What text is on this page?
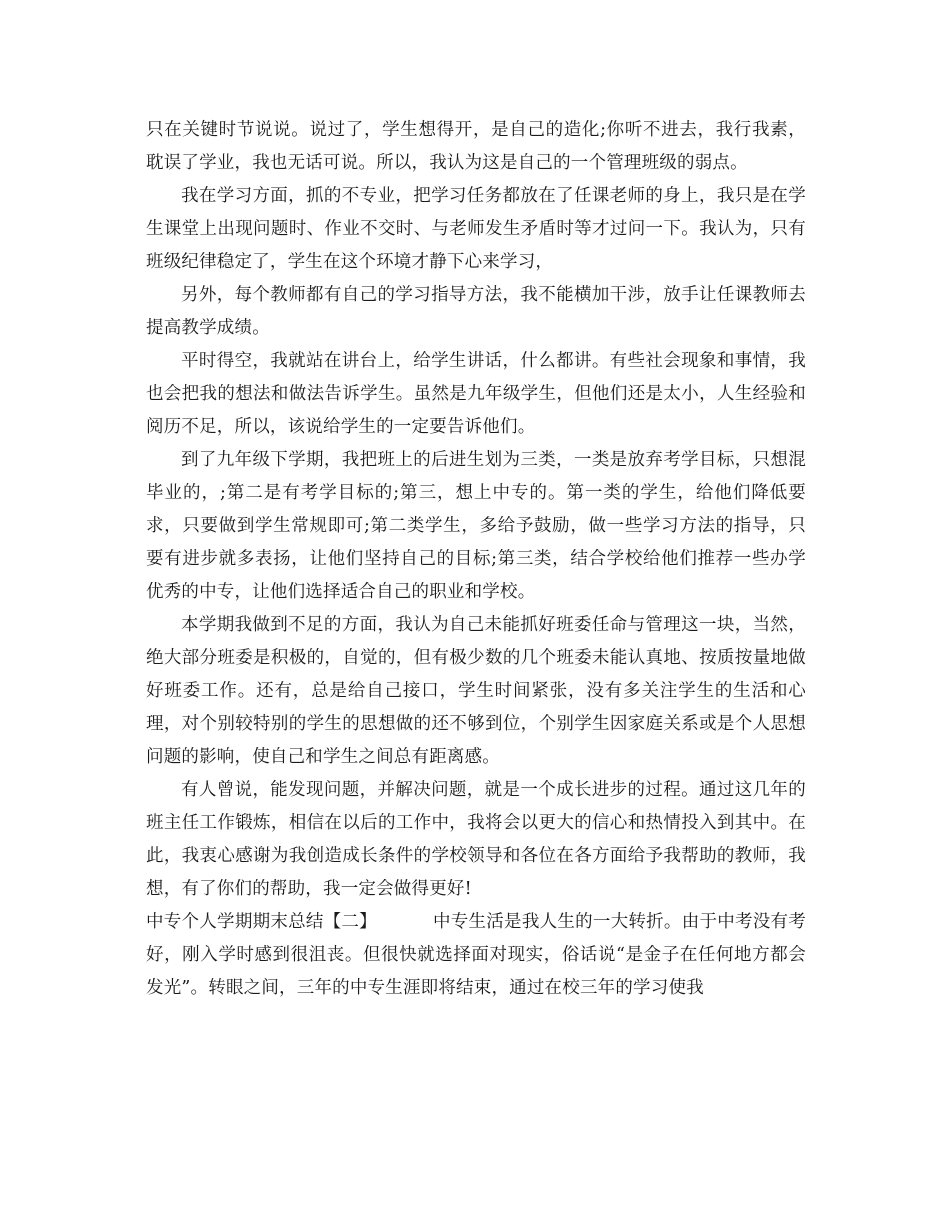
只在关键时节说说。说过了，学生想得开，是自己的造化;你听不进去，我行我素，耽误了学业，我也无话可说。所以，我认为这是自己的一个管理班级的弱点。

我在学习方面，抓的不专业，把学习任务都放在了任课老师的身上，我只是在学生课堂上出现问题时、作业不交时、与老师发生矛盾时等才过问一下。我认为，只有班级纪律稳定了，学生在这个环境才静下心来学习，

另外，每个教师都有自己的学习指导方法，我不能横加干涉，放手让任课教师去提高教学成绩。

平时得空，我就站在讲台上，给学生讲话，什么都讲。有些社会现象和事情，我也会把我的想法和做法告诉学生。虽然是九年级学生，但他们还是太小，人生经验和阅历不足，所以，该说给学生的一定要告诉他们。

到了九年级下学期，我把班上的后进生划为三类，一类是放弃考学目标，只想混毕业的，;第二是有考学目标的;第三，想上中专的。第一类的学生，给他们降低要求，只要做到学生常规即可;第二类学生，多给予鼓励，做一些学习方法的指导，只要有进步就多表扬，让他们坚持自己的目标;第三类，结合学校给他们推荐一些办学优秀的中专，让他们选择适合自己的职业和学校。

本学期我做到不足的方面，我认为自己未能抓好班委任命与管理这一块，当然，绝大部分班委是积极的，自觉的，但有极少数的几个班委未能认真地、按质按量地做好班委工作。还有，总是给自己接口，学生时间紧张，没有多关注学生的生活和心理，对个别较特别的学生的思想做的还不够到位，个别学生因家庭关系或是个人思想问题的影响，使自己和学生之间总有距离感。

有人曾说，能发现问题，并解决问题，就是一个成长进步的过程。通过这几年的班主任工作锻炼，相信在以后的工作中，我将会以更大的信心和热情投入到其中。在此，我衷心感谢为我创造成长条件的学校领导和各位在各方面给予我帮助的教师，我想，有了你们的帮助，我一定会做得更好!

中专个人学期期末总结【二】	中专生活是我人生的一大转折。由于中考没有考好，刚入学时感到很沮丧。但很快就选择面对现实，俗话说“是金子在任何地方都会发光”。转眼之间，三年的中专生涯即将结束，通过在校三年的学习使我
